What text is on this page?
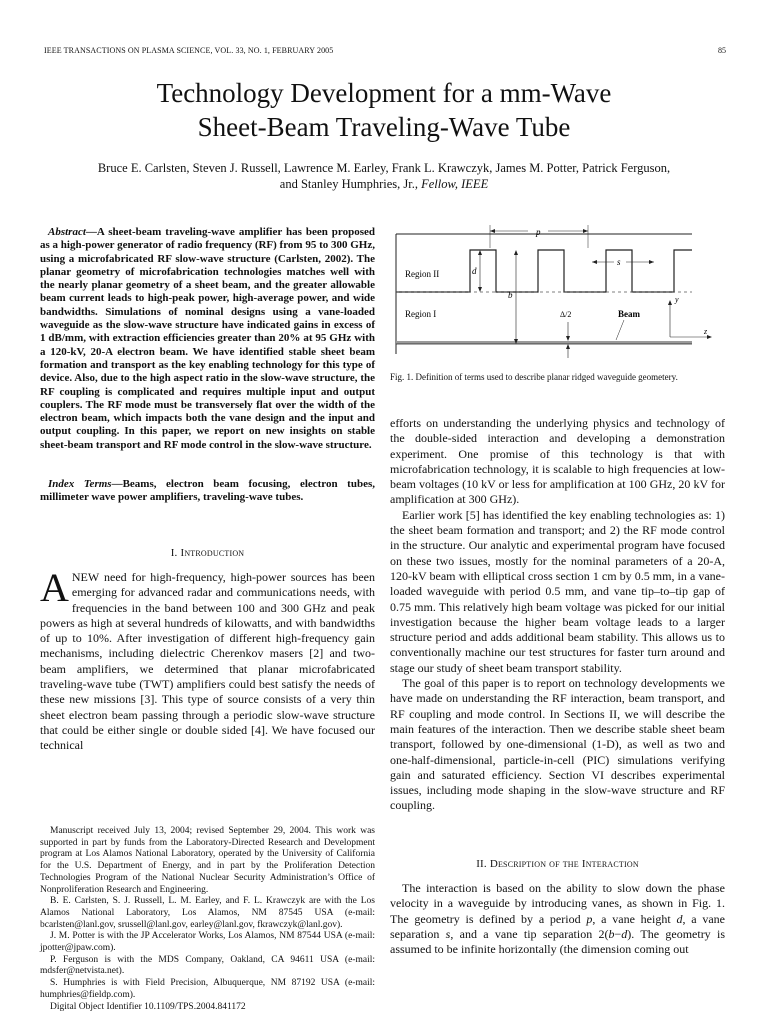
IEEE TRANSACTIONS ON PLASMA SCIENCE, VOL. 33, NO. 1, FEBRUARY 2005	85
Technology Development for a mm-Wave
Sheet-Beam Traveling-Wave Tube
Bruce E. Carlsten, Steven J. Russell, Lawrence M. Earley, Frank L. Krawczyk, James M. Potter, Patrick Ferguson,
and Stanley Humphries, Jr., Fellow, IEEE
Abstract—A sheet-beam traveling-wave amplifier has been proposed as a high-power generator of radio frequency (RF) from 95 to 300 GHz, using a microfabricated RF slow-wave structure (Carlsten, 2002). The planar geometry of microfabrication technologies matches well with the nearly planar geometry of a sheet beam, and the greater allowable beam current leads to high-peak power, high-average power, and wide bandwidths. Simulations of nominal designs using a vane-loaded waveguide as the slow-wave structure have indicated gains in excess of 1 dB/mm, with extraction efficiencies greater than 20% at 95 GHz with a 120-kV, 20-A electron beam. We have identified stable sheet beam formation and transport as the key enabling technology for this type of device. Also, due to the high aspect ratio in the slow-wave structure, the RF coupling is complicated and requires multiple input and output couplers. The RF mode must be transversely flat over the width of the electron beam, which impacts both the vane design and the input and output coupling. In this paper, we report on new insights on stable sheet-beam transport and RF mode control in the slow-wave structure.
Index Terms—Beams, electron beam focusing, electron tubes, millimeter wave power amplifiers, traveling-wave tubes.
I. Introduction
ANEW need for high-frequency, high-power sources has been emerging for advanced radar and communications needs, with frequencies in the band between 100 and 300 GHz and peak powers as high at several hundreds of kilowatts, and with bandwidths of up to 10%. After investigation of different high-frequency gain mechanisms, including dielectric Cherenkov masers [2] and two-beam amplifiers, we determined that planar microfabricated traveling-wave tube (TWT) amplifiers could best satisfy the needs of these new missions [3]. This type of source consists of a very thin sheet electron beam passing through a periodic slow-wave structure that could be either single or double sided [4]. We have focused our technical

Manuscript received July 13, 2004; revised September 29, 2004. This work was supported in part by funds from the Laboratory-Directed Research and Development program at Los Alamos National Laboratory, operated by the University of California for the U.S. Department of Energy, and in part by the Proliferation Detection Technologies Program of the National Nuclear Security Administration’s Office of Nonproliferation Research and Engineering.

B. E. Carlsten, S. J. Russell, L. M. Earley, and F. L. Krawczyk are with the Los Alamos National Laboratory, Los Alamos, NM 87545 USA (e-mail: bcarlsten@lanl.gov, srussell@lanl.gov, earley@lanl.gov, fkrawczyk@lanl.gov).

J. M. Potter is with the JP Accelerator Works, Los Alamos, NM 87544 USA (e-mail: jpotter@jpaw.com).

P. Ferguson is with the MDS Company, Oakland, CA 94611 USA (e-mail: mdsfer@netvista.net).

S. Humphries is with Field Precision, Albuquerque, NM 87192 USA (e-mail: humphries@fieldp.com).

Digital Object Identifier 10.1109/TPS.2004.841172

p
s
d
b
Δ/2
Region II
Region I	Beam
y
z
Fig. 1. Definition of terms used to describe planar ridged waveguide geometery.

efforts on understanding the underlying physics and technology of the double-sided interaction and developing a demonstration experiment. One promise of this technology is that with microfabrication technology, it is scalable to high frequencies at low-beam voltages (10 kV or less for amplification at 100 GHz, 20 kV for amplification at 300 GHz).

Earlier work [5] has identified the key enabling technologies as: 1) the sheet beam formation and transport; and 2) the RF mode control in the structure. Our analytic and experimental program have focused on these two issues, mostly for the nominal parameters of a 20-A, 120-kV beam with elliptical cross section 1 cm by 0.5 mm, in a vane-loaded waveguide with period 0.5 mm, and vane tip–to–tip gap of 0.75 mm. This relatively high beam voltage was picked for our initial investigation because the higher beam voltage leads to a larger structure period and adds additional beam stability. This allows us to conventionally machine our test structures for faster turn around and stage our study of sheet beam transport stability.

The goal of this paper is to report on technology developments we have made on understanding the RF interaction, beam transport, and RF coupling and mode control. In Sections II, we will describe the main features of the interaction. Then we describe stable sheet beam transport, followed by one-dimensional (1-D), as well as two and one-half-dimensional, particle-in-cell (PIC) simulations verifying gain and saturated efficiency. Section VI describes experimental issues, including mode shaping in the slow-wave structure and RF coupling.

II. Description of the Interaction

The interaction is based on the ability to slow down the phase velocity in a waveguide by introducing vanes, as shown in Fig. 1. The geometry is defined by a period p, a vane height d, a vane separation s, and a vane tip separation 2(b−d). The geometry is assumed to be infinite horizontally (the dimension coming out
